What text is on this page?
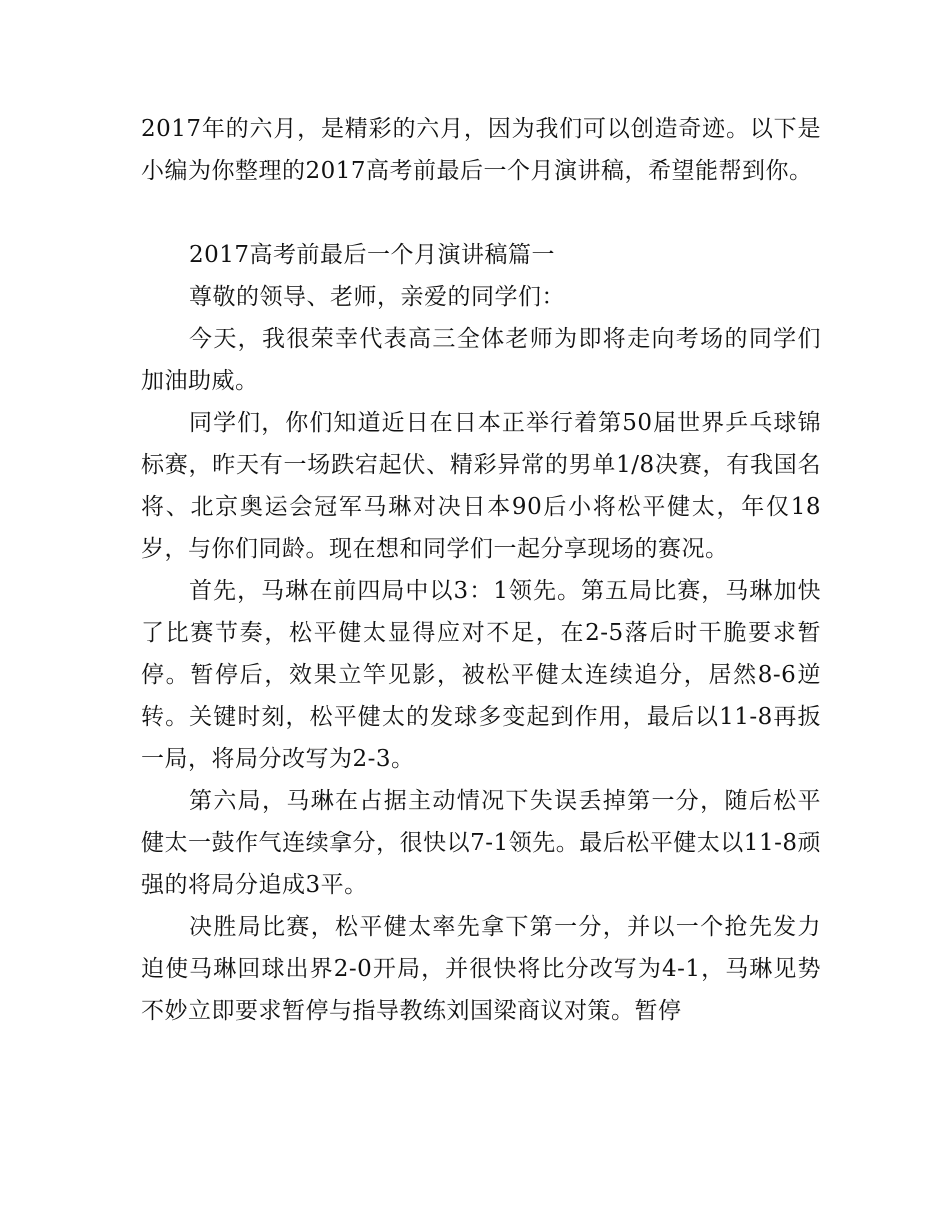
2017年的六月，是精彩的六月，因为我们可以创造奇迹。以下是小编为你整理的2017高考前最后一个月演讲稿，希望能帮到你。

2017高考前最后一个月演讲稿篇一

尊敬的领导、老师，亲爱的同学们：

今天，我很荣幸代表高三全体老师为即将走向考场的同学们加油助威。

同学们，你们知道近日在日本正举行着第50届世界乒乓球锦标赛，昨天有一场跌宕起伏、精彩异常的男单1/8决赛，有我国名将、北京奥运会冠军马琳对决日本90后小将松平健太，年仅18岁，与你们同龄。现在想和同学们一起分享现场的赛况。

首先，马琳在前四局中以3：1领先。第五局比赛，马琳加快了比赛节奏，松平健太显得应对不足，在2-5落后时干脆要求暂停。暂停后，效果立竿见影，被松平健太连续追分，居然8-6逆转。关键时刻，松平健太的发球多变起到作用，最后以11-8再扳一局，将局分改写为2-3。

第六局，马琳在占据主动情况下失误丢掉第一分，随后松平健太一鼓作气连续拿分，很快以7-1领先。最后松平健太以11-8顽强的将局分追成3平。

决胜局比赛，松平健太率先拿下第一分，并以一个抢先发力迫使马琳回球出界2-0开局，并很快将比分改写为4-1，马琳见势不妙立即要求暂停与指导教练刘国梁商议对策。暂停
